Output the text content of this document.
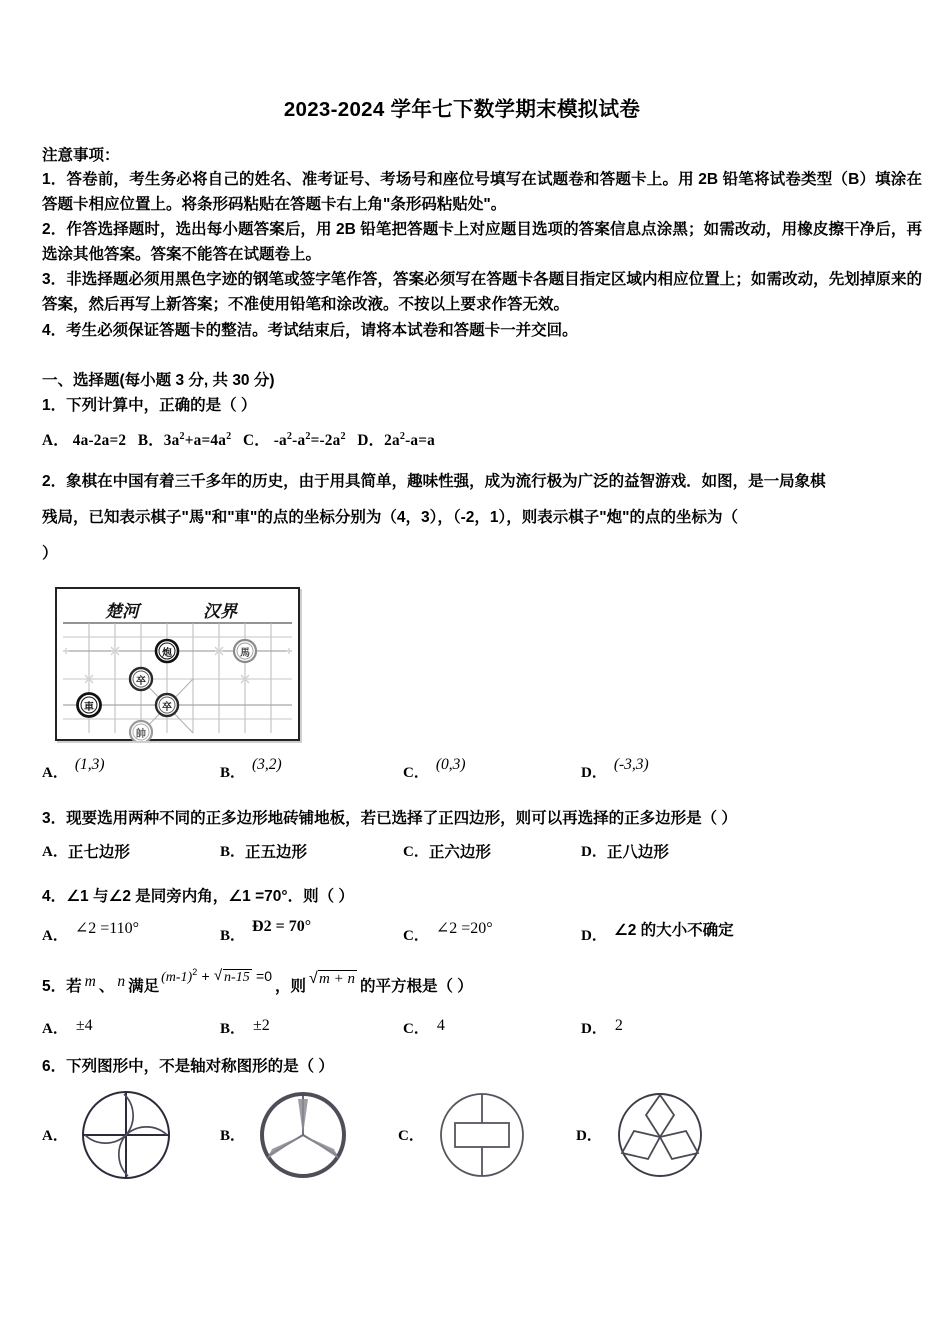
2023-2024 学年七下数学期末模拟试卷
注意事项：

1．答卷前，考生务必将自己的姓名、准考证号、考场号和座位号填写在试题卷和答题卡上。用 2B 铅笔将试卷类型（B）填涂在答题卡相应位置上。将条形码粘贴在答题卡右上角"条形码粘贴处"。

2．作答选择题时，选出每小题答案后，用 2B 铅笔把答题卡上对应题目选项的答案信息点涂黑；如需改动，用橡皮擦干净后，再选涂其他答案。答案不能答在试题卷上。

3．非选择题必须用黑色字迹的钢笔或签字笔作答，答案必须写在答题卡各题目指定区域内相应位置上；如需改动，先划掉原来的答案，然后再写上新答案；不准使用铅笔和涂改液。不按以上要求作答无效。

4．考生必须保证答题卡的整洁。考试结束后，请将本试卷和答题卡一并交回。

一、选择题(每小题 3 分, 共 30 分)

1．下列计算中，正确的是（ ）

A． 4a‑2a=2 B．$3a^2+a=4a^2$ C． $‑a^2‑a^2=‑2a^2$ D．$2a^2‑a=a$

2．象棋在中国有着三千多年的历史，由于用具简单，趣味性强，成为流行极为广泛的益智游戏．如图，是一局象棋

残局，已知表示棋子"馬"和"車"的点的坐标分别为（4，3），（-2，1），则表示棋子"炮"的点的坐标为（

）

楚河	汉界
炮	馬
卒
卒
車
帥
A． (1,3)	B． (3,2)	C． (0,3)	D． (‑3,3)

3．现要选用两种不同的正多边形地砖铺地板，若已选择了正四边形，则可以再选择的正多边形是（ ）

A． 正七边形	B． 正五边形	C． 正六边形	D． 正八边形

4．∠1 与∠2 是同旁内角，∠1 =70°．则（ ）

A． ∠2 =110°	B．
Ð2 = 70°
C． ∠2 =20°	D． ∠2 的大小不确定
5．若 m 、 n 满足
(m‑1)$^2$ + √ n‑15 =0
，则 √ m + n 的平方根是（ ）
A． ±4	B． ±2	C． 4	D． 2

6．下列图形中，不是轴对称图形的是（ ）

A．	B．	C．	D．
